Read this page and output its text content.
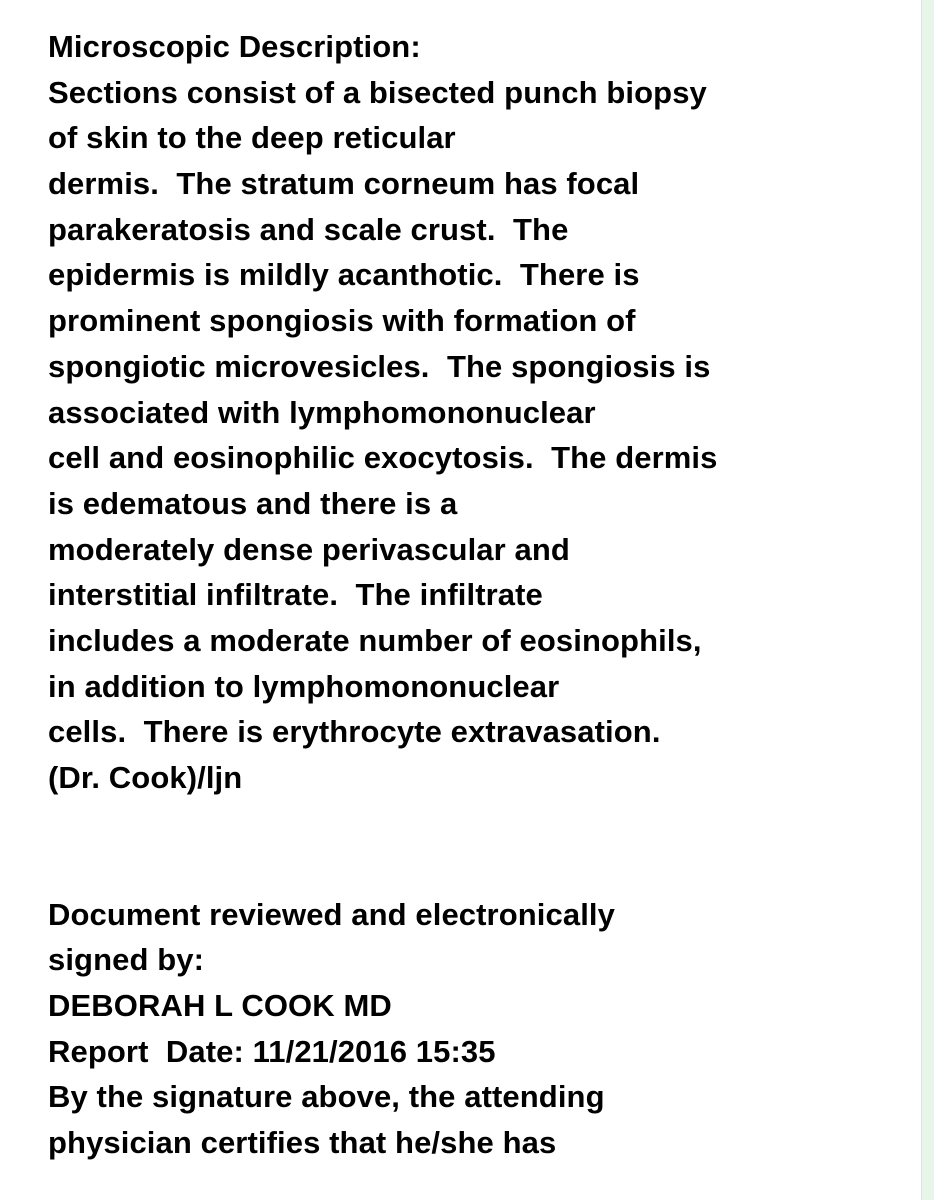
Microscopic Description:
Sections consist of a bisected punch biopsy
of skin to the deep reticular
dermis.  The stratum corneum has focal
parakeratosis and scale crust.  The
epidermis is mildly acanthotic.  There is
prominent spongiosis with formation of
spongiotic microvesicles.  The spongiosis is
associated with lymphomononuclear
cell and eosinophilic exocytosis.  The dermis
is edematous and there is a
moderately dense perivascular and
interstitial infiltrate.  The infiltrate
includes a moderate number of eosinophils,
in addition to lymphomononuclear
cells.  There is erythrocyte extravasation.
(Dr. Cook)/ljn
Document reviewed and electronically
signed by:
DEBORAH L COOK MD
Report  Date: 11/21/2016 15:35
By the signature above, the attending
physician certifies that he/she has
